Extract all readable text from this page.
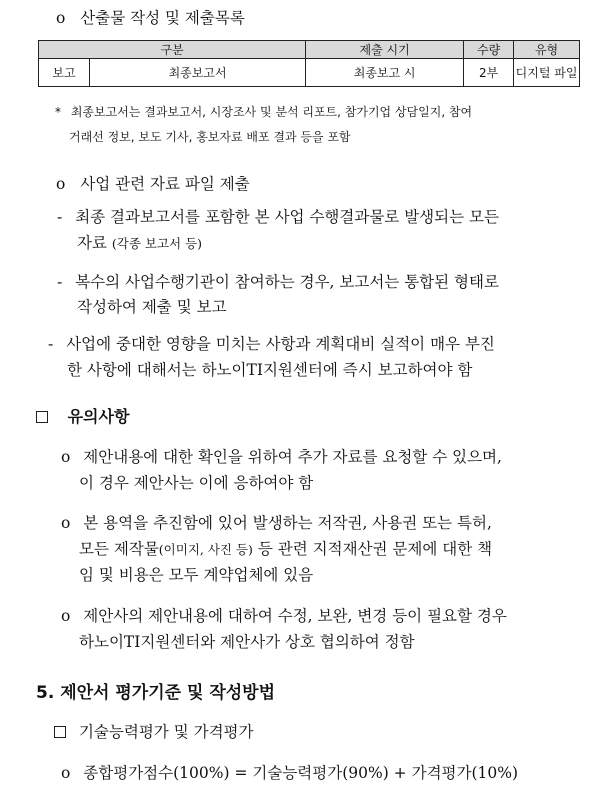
o 산출물 작성 및 제출목록
구분		제출 시기	수량	유형
보고	최종보고서	최종보고 시	2부	디지털 파일
* 최종보고서는 결과보고서, 시장조사 및 분석 리포트, 참가기업 상담일지, 참여
거래선 정보, 보도 기사, 홍보자료 배포 결과 등을 포함
o 사업 관련 자료 파일 제출
- 최종 결과보고서를 포함한 본 사업 수행결과물로 발생되는 모든
자료 (각종 보고서 등)
- 복수의 사업수행기관이 참여하는 경우, 보고서는 통합된 형태로
작성하여 제출 및 보고
- 사업에 중대한 영향을 미치는 사항과 계획대비 실적이 매우 부진
한 사항에 대해서는 하노이TI지원센터에 즉시 보고하여야 함
유의사항
o 제안내용에 대한 확인을 위하여 추가 자료를 요청할 수 있으며,
이 경우 제안사는 이에 응하여야 함
o 본 용역을 추진함에 있어 발생하는 저작권, 사용권 또는 특허,
모든 제작물(이미지, 사진 등) 등 관련 지적재산권 문제에 대한 책
임 및 비용은 모두 계약업체에 있음
o 제안사의 제안내용에 대하여 수정, 보완, 변경 등이 필요할 경우
하노이TI지원센터와 제안사가 상호 협의하여 정함
5. 제안서 평가기준 및 작성방법
기술능력평가 및 가격평가
o 종합평가점수(100%) = 기술능력평가(90%) + 가격평가(10%)
